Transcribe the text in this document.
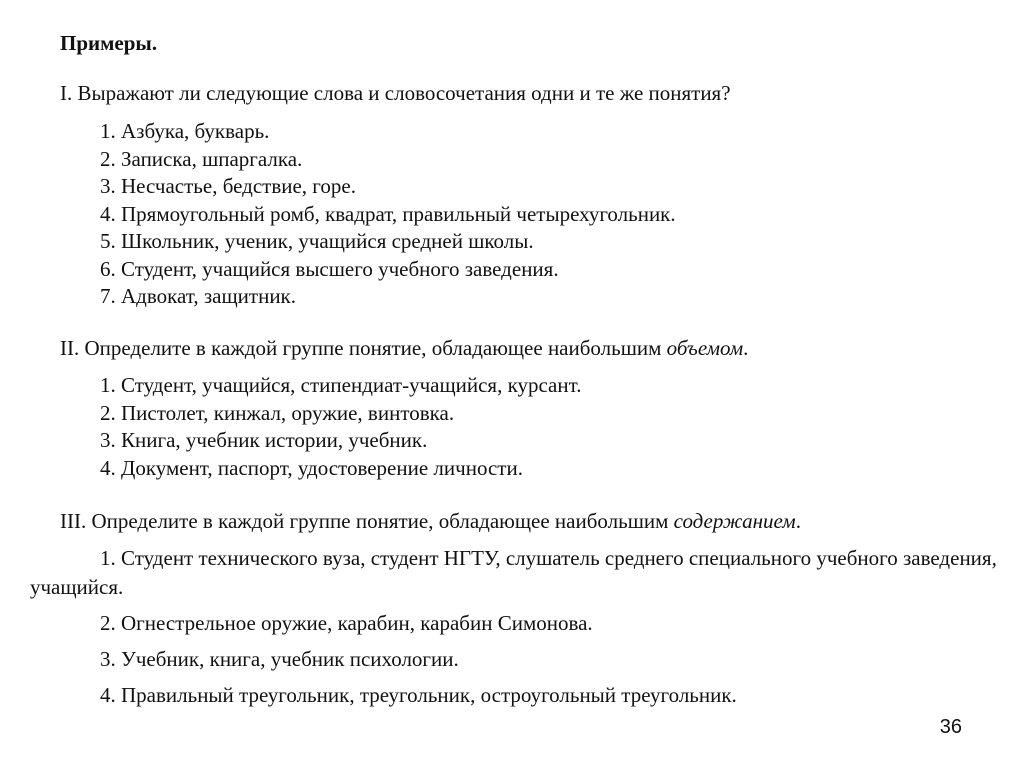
Примеры.
I. Выражают ли следующие слова и словосочетания одни и те же понятия?
1. Азбука, букварь.
2. Записка, шпаргалка.
3. Несчастье, бедствие, горе.
4. Прямоугольный ромб, квадрат, правильный четырехугольник.
5. Школьник, ученик, учащийся средней школы.
6. Студент, учащийся высшего учебного заведения.
7. Адвокат, защитник.
II. Определите в каждой группе понятие, обладающее наибольшим объемом.
1. Студент, учащийся, стипендиат-учащийся, курсант.
2. Пистолет, кинжал, оружие, винтовка.
3. Книга, учебник истории, учебник.
4. Документ, паспорт, удостоверение личности.
III. Определите в каждой группе понятие, обладающее наибольшим содержанием.
1. Студент технического вуза, студент НГТУ, слушатель среднего специального учебного заведения, учащийся.
2. Огнестрельное оружие, карабин, карабин Симонова.
3. Учебник, книга, учебник психологии.
4. Правильный треугольник, треугольник, остроугольный треугольник.
36
